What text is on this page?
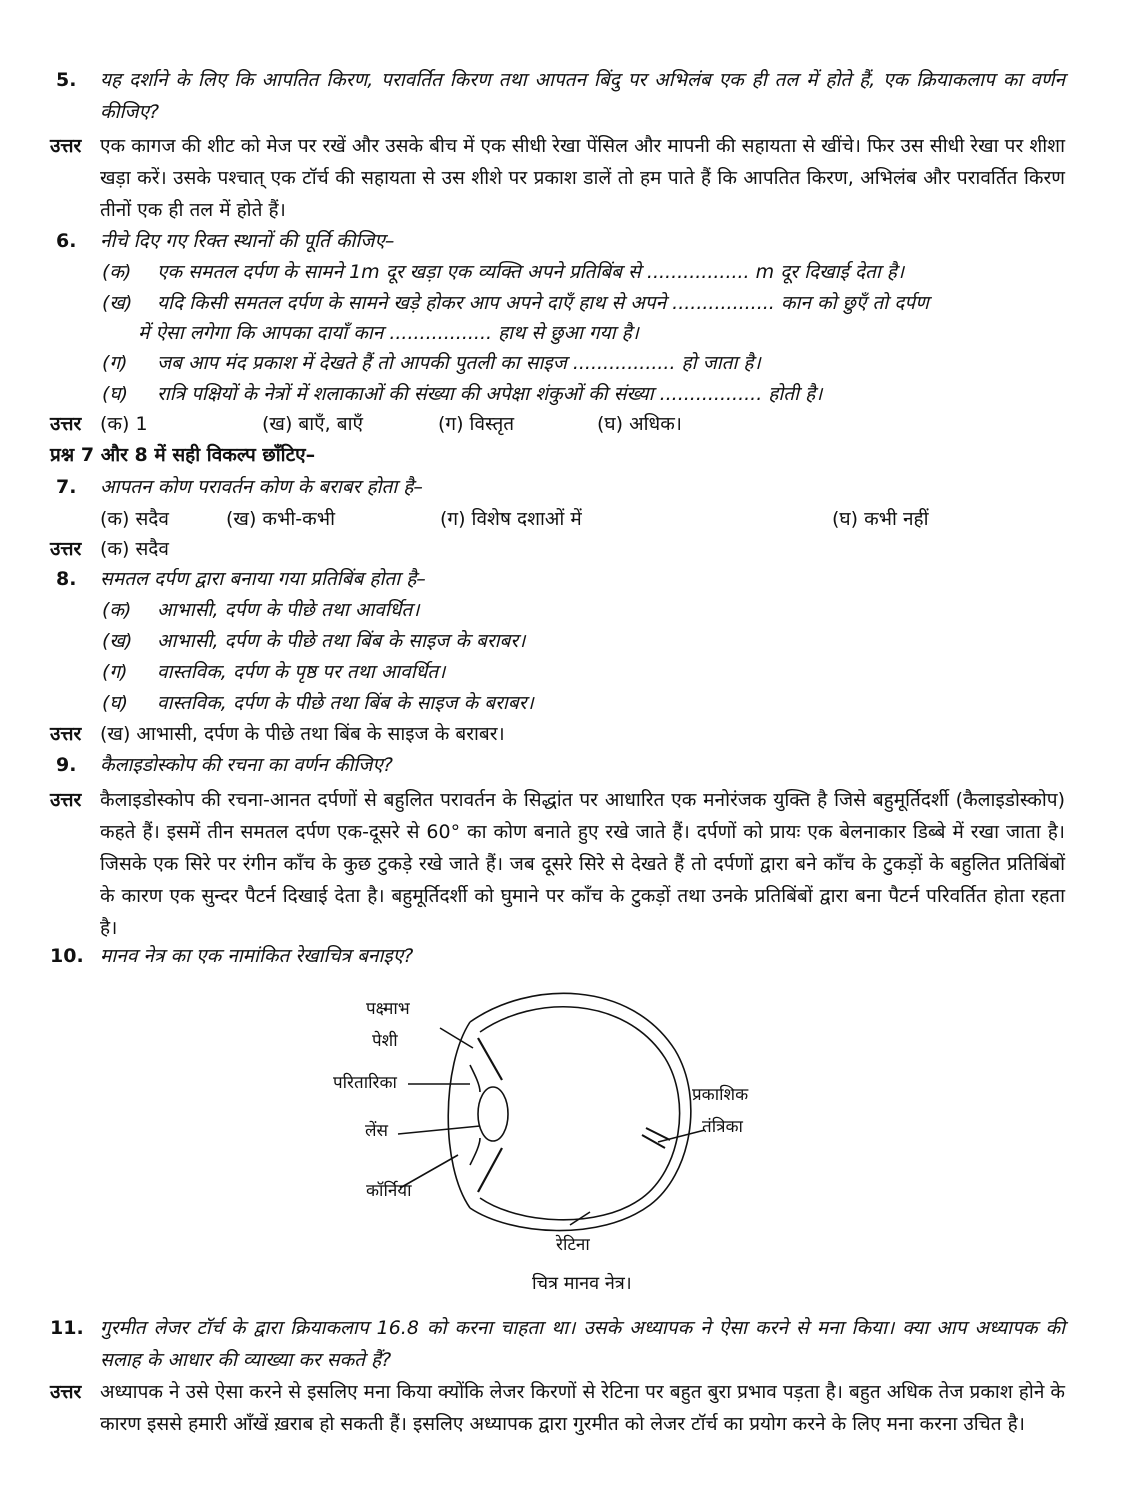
5. यह दर्शाने के लिए कि आपतित किरण, परावर्तित किरण तथा आपतन बिंदु पर अभिलंब एक ही तल में होते हैं, एक क्रियाकलाप का वर्णन कीजिए?
उत्तर एक कागज की शीट को मेज पर रखें और उसके बीच में एक सीधी रेखा पेंसिल और मापनी की सहायता से खींचे। फिर उस सीधी रेखा पर शीशा खड़ा करें। उसके पश्चात् एक टॉर्च की सहायता से उस शीशे पर प्रकाश डालें तो हम पाते हैं कि आपतित किरण, अभिलंब और परावर्तित किरण तीनों एक ही तल में होते हैं।
6. नीचे दिए गए रिक्त स्थानों की पूर्ति कीजिए–
(क) एक समतल दर्पण के सामने 1m दूर खड़ा एक व्यक्ति अपने प्रतिबिंब से ................. m दूर दिखाई देता है।
(ख) यदि किसी समतल दर्पण के सामने खड़े होकर आप अपने दाएँ हाथ से अपने ................. कान को छुएँ तो दर्पण
में ऐसा लगेगा कि आपका दायाँ कान ................. हाथ से छुआ गया है।
(ग) जब आप मंद प्रकाश में देखते हैं तो आपकी पुतली का साइज ................. हो जाता है।
(घ) रात्रि पक्षियों के नेत्रों में शलाकाओं की संख्या की अपेक्षा शंकुओं की संख्या ................. होती है।
उत्तर (क) 1	(ख) बाएँ, बाएँ	(ग) विस्तृत	(घ) अधिक।
प्रश्न 7 और 8 में सही विकल्प छाँटिए–
7. आपतन कोण परावर्तन कोण के बराबर होता है–
(क) सदैव	(ख) कभी-कभी	(ग) विशेष दशाओं में	(घ) कभी नहीं
उत्तर (क) सदैव
8. समतल दर्पण द्वारा बनाया गया प्रतिबिंब होता है–
(क) आभासी, दर्पण के पीछे तथा आवर्धित।
(ख) आभासी, दर्पण के पीछे तथा बिंब के साइज के बराबर।
(ग) वास्तविक, दर्पण के पृष्ठ पर तथा आवर्धित।
(घ) वास्तविक, दर्पण के पीछे तथा बिंब के साइज के बराबर।
उत्तर (ख) आभासी, दर्पण के पीछे तथा बिंब के साइज के बराबर।
9. कैलाइडोस्कोप की रचना का वर्णन कीजिए?
उत्तर कैलाइडोस्कोप की रचना-आनत दर्पणों से बहुलित परावर्तन के सिद्धांत पर आधारित एक मनोरंजक युक्ति है जिसे बहुमूर्तिदर्शी (कैलाइडोस्कोप) कहते हैं। इसमें तीन समतल दर्पण एक-दूसरे से 60° का कोण बनाते हुए रखे जाते हैं। दर्पणों को प्रायः एक बेलनाकार डिब्बे में रखा जाता है। जिसके एक सिरे पर रंगीन काँच के कुछ टुकड़े रखे जाते हैं। जब दूसरे सिरे से देखते हैं तो दर्पणों द्वारा बने काँच के टुकड़ों के बहुलित प्रतिबिंबों के कारण एक सुन्दर पैटर्न दिखाई देता है। बहुमूर्तिदर्शी को घुमाने पर काँच के टुकड़ों तथा उनके प्रतिबिंबों द्वारा बना पैटर्न परिवर्तित होता रहता है।
10. मानव नेत्र का एक नामांकित रेखाचित्र बनाइए?
पक्ष्माभ
पेशी
परितारिका
लेंस
कॉर्निया
प्रकाशिक
तंत्रिका
रेटिना
चित्र मानव नेत्र।
11. गुरमीत लेजर टॉर्च के द्वारा क्रियाकलाप 16.8 को करना चाहता था। उसके अध्यापक ने ऐसा करने से मना किया। क्या आप अध्यापक की सलाह के आधार की व्याख्या कर सकते हैं?
उत्तर अध्यापक ने उसे ऐसा करने से इसलिए मना किया क्योंकि लेजर किरणों से रेटिना पर बहुत बुरा प्रभाव पड़ता है। बहुत अधिक तेज प्रकाश होने के कारण इससे हमारी आँखें ख़राब हो सकती हैं। इसलिए अध्यापक द्वारा गुरमीत को लेजर टॉर्च का प्रयोग करने के लिए मना करना उचित है।
